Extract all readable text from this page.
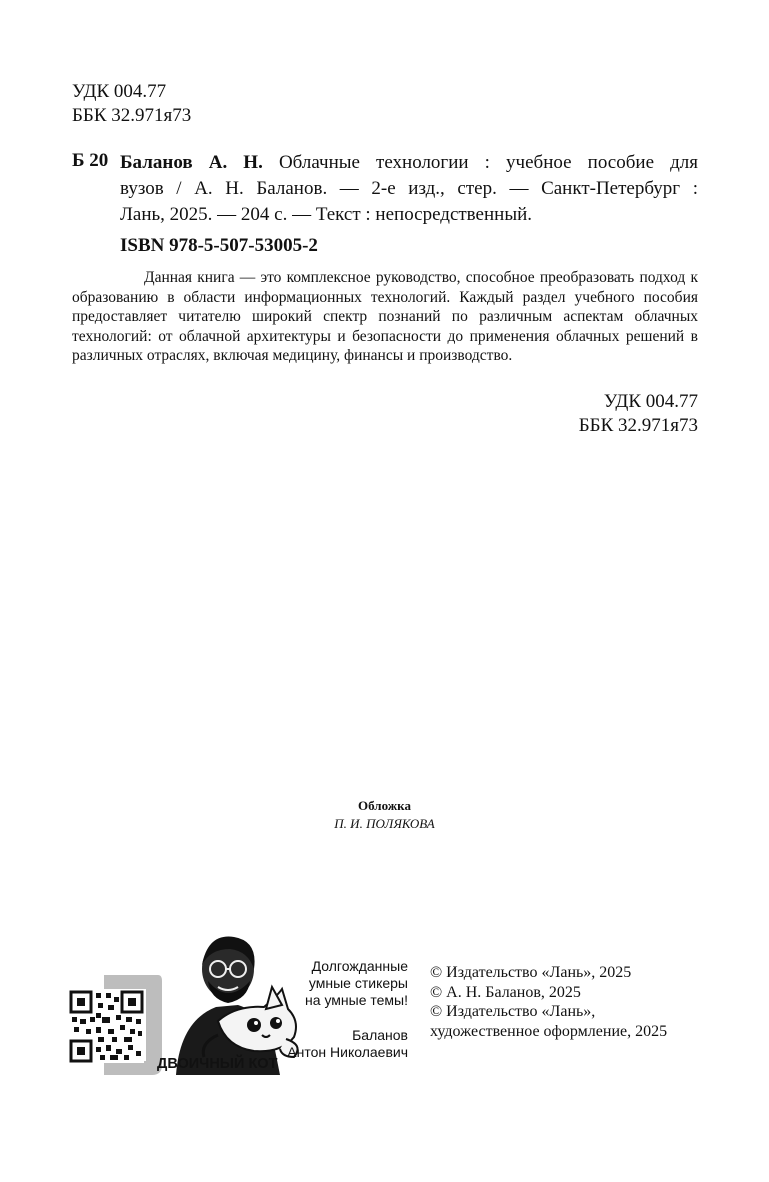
УДК 004.77
ББК 32.971я73
Б 20 Баланов А. Н. Облачные технологии : учебное пособие для
вузов / А. Н. Баланов. — 2-е изд., стер. — Санкт-Петербург :
Лань, 2025. — 204 с. — Текст : непосредственный.
ISBN 978-5-507-53005-2
Данная книга — это комплексное руководство, способное преобразовать подход к образованию в области информационных технологий. Каждый раздел учебного пособия предоставляет читателю широкий спектр познаний по различным аспектам облачных технологий: от облачной архитектуры и безопасности до применения облачных решений в различных отраслях, включая медицину, финансы и производство.
УДК 004.77
ББК 32.971я73
Обложка
П. И. ПОЛЯКОВА
Долгожданные
умные стикеры
на умные темы!
Баланов
Антон Николаевич
ДВОИЧНЫЙ КОТ
© Издательство «Лань», 2025
© А. Н. Баланов, 2025
© Издательство «Лань»,
художественное оформление, 2025
